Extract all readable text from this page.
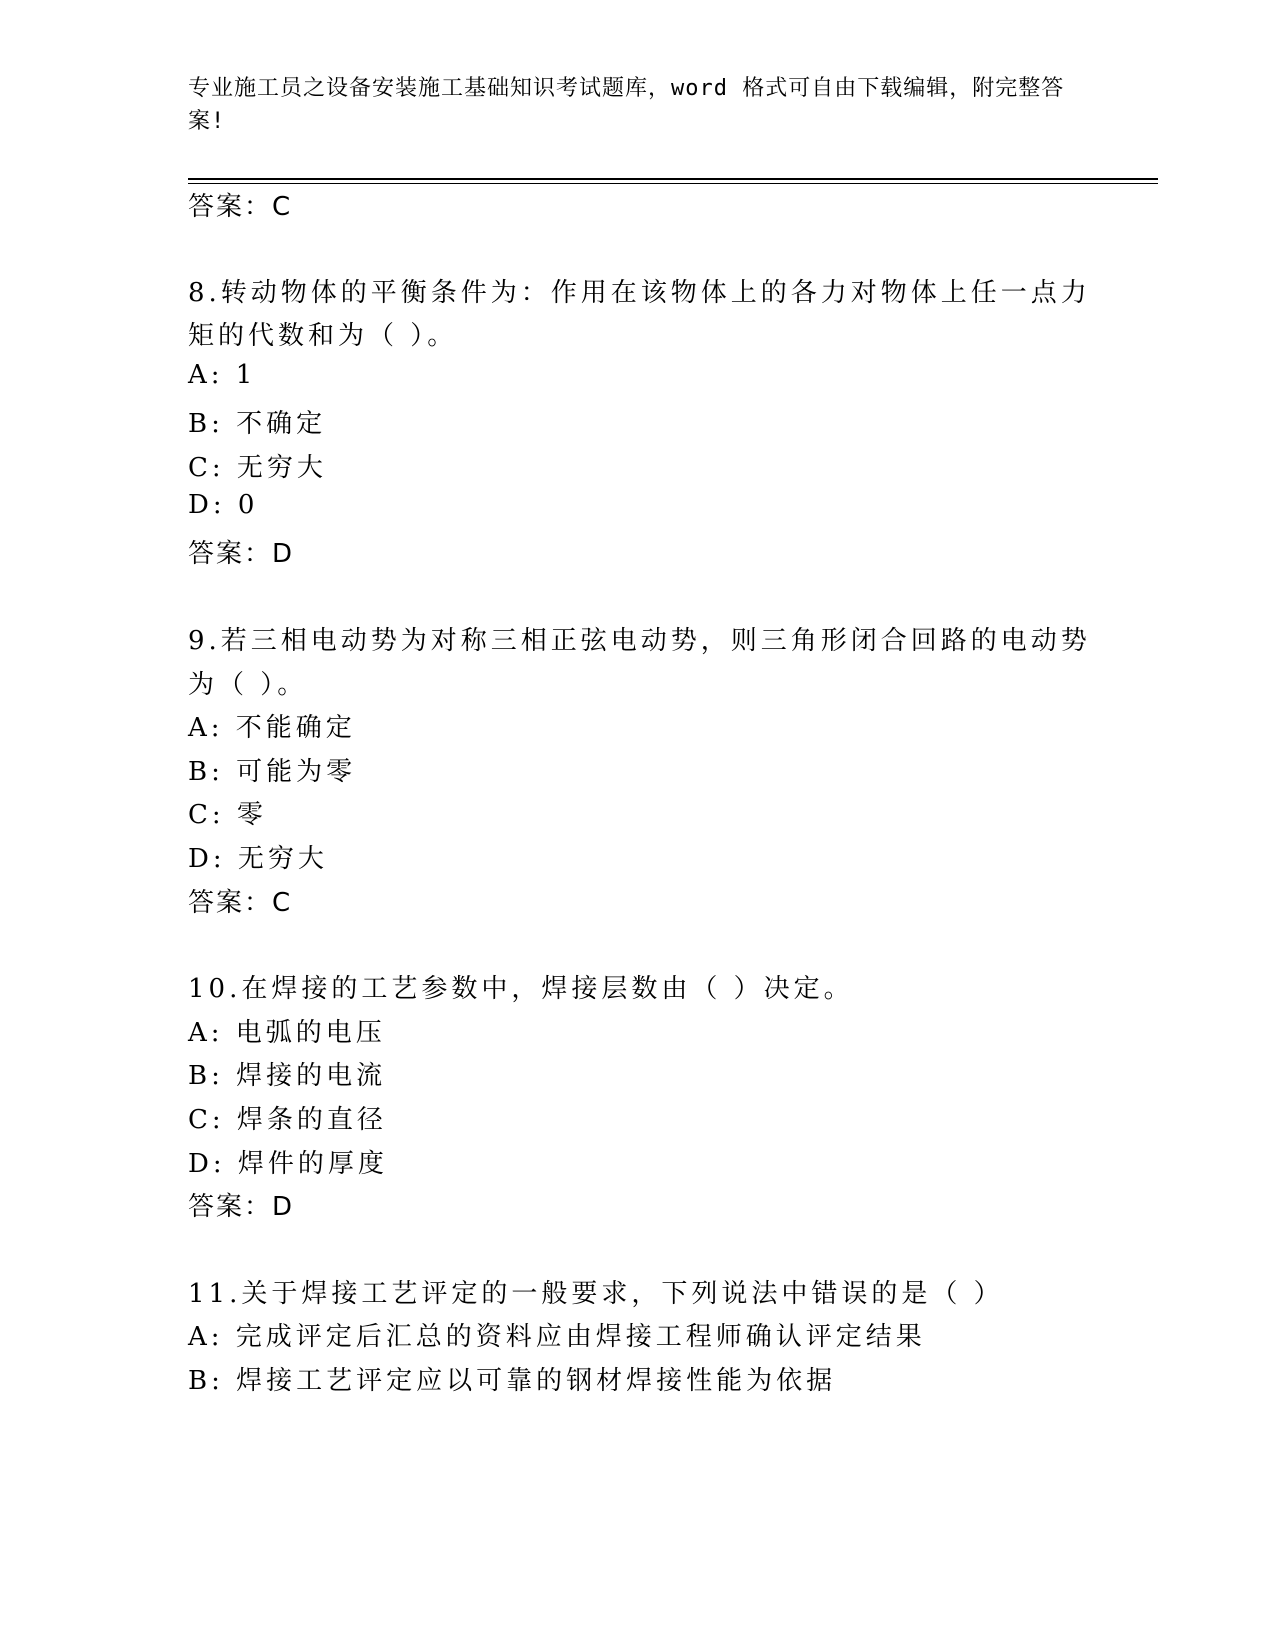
专业施工员之设备安装施工基础知识考试题库，word 格式可自由下载编辑，附完整答案!

答案：C

8.转动物体的平衡条件为：作用在该物体上的各力对物体上任一点力

矩的代数和为（ ）。

A: 1

B: 不确定

C: 无穷大

D: 0

答案：D

9.若三相电动势为对称三相正弦电动势，则三角形闭合回路的电动势

为（ ）。

A: 不能确定

B: 可能为零

C: 零

D: 无穷大

答案：C

10.在焊接的工艺参数中，焊接层数由（ ）决定。

A: 电弧的电压

B: 焊接的电流

C: 焊条的直径

D: 焊件的厚度

答案：D

11.关于焊接工艺评定的一般要求，下列说法中错误的是（ ）

A: 完成评定后汇总的资料应由焊接工程师确认评定结果

B: 焊接工艺评定应以可靠的钢材焊接性能为依据
